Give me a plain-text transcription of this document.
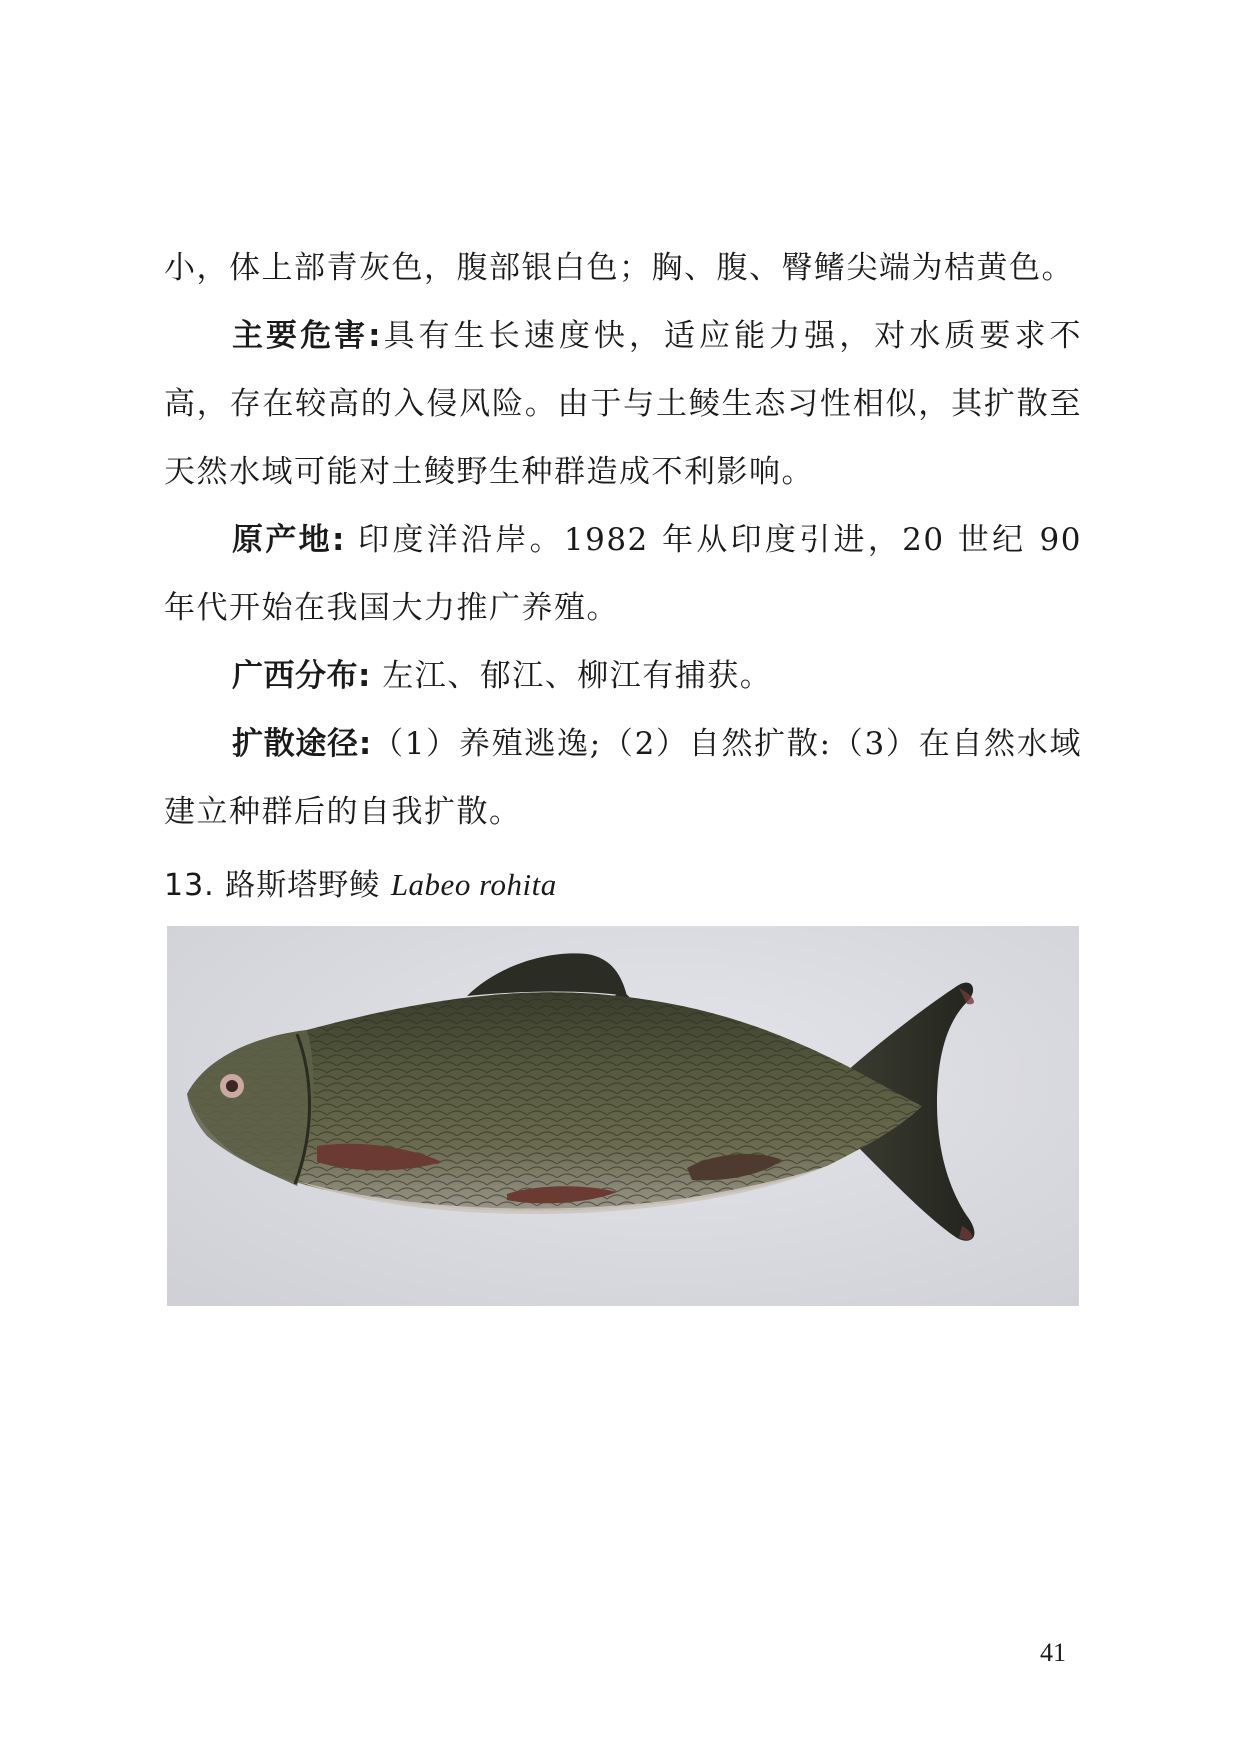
小，体上部青灰色，腹部银白色；胸、腹、臀鳍尖端为桔黄色。

主要危害:具有生长速度快，适应能力强，对水质要求不高，存在较高的入侵风险。由于与土鲮生态习性相似，其扩散至天然水域可能对土鲮野生种群造成不利影响。

原产地: 印度洋沿岸。1982 年从印度引进，20 世纪 90 年代开始在我国大力推广养殖。

广西分布: 左江、郁江、柳江有捕获。

扩散途径:（1）养殖逃逸;（2）自然扩散:（3）在自然水域建立种群后的自我扩散。

13. 路斯塔野鲮 Labeo rohita

41
